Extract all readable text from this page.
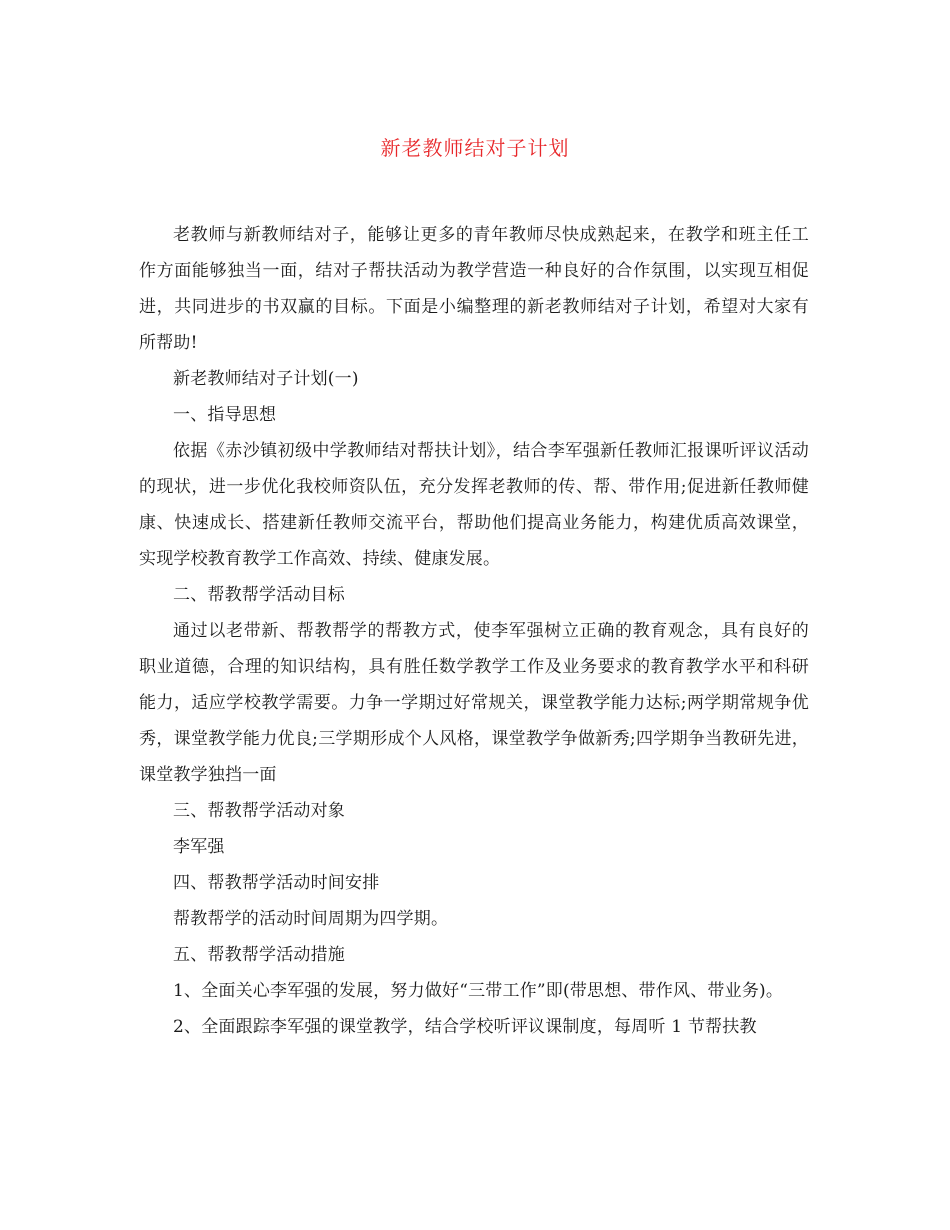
新老教师结对子计划

老教师与新教师结对子，能够让更多的青年教师尽快成熟起来，在教学和班主任工作方面能够独当一面，结对子帮扶活动为教学营造一种良好的合作氛围，以实现互相促进，共同进步的书双赢的目标。下面是小编整理的新老教师结对子计划，希望对大家有所帮助!

新老教师结对子计划(一)

一、指导思想

依据《赤沙镇初级中学教师结对帮扶计划》，结合李军强新任教师汇报课听评议活动的现状，进一步优化我校师资队伍，充分发挥老教师的传、帮、带作用;促进新任教师健康、快速成长、搭建新任教师交流平台，帮助他们提高业务能力，构建优质高效课堂，实现学校教育教学工作高效、持续、健康发展。

二、帮教帮学活动目标

通过以老带新、帮教帮学的帮教方式，使李军强树立正确的教育观念，具有良好的职业道德，合理的知识结构，具有胜任数学教学工作及业务要求的教育教学水平和科研能力，适应学校教学需要。力争一学期过好常规关，课堂教学能力达标;两学期常规争优秀，课堂教学能力优良;三学期形成个人风格，课堂教学争做新秀;四学期争当教研先进，课堂教学独挡一面

三、帮教帮学活动对象

李军强

四、帮教帮学活动时间安排

帮教帮学的活动时间周期为四学期。

五、帮教帮学活动措施

1、全面关心李军强的发展，努力做好“三带工作”即(带思想、带作风、带业务)。

2、全面跟踪李军强的课堂教学，结合学校听评议课制度，每周听 1 节帮扶教
